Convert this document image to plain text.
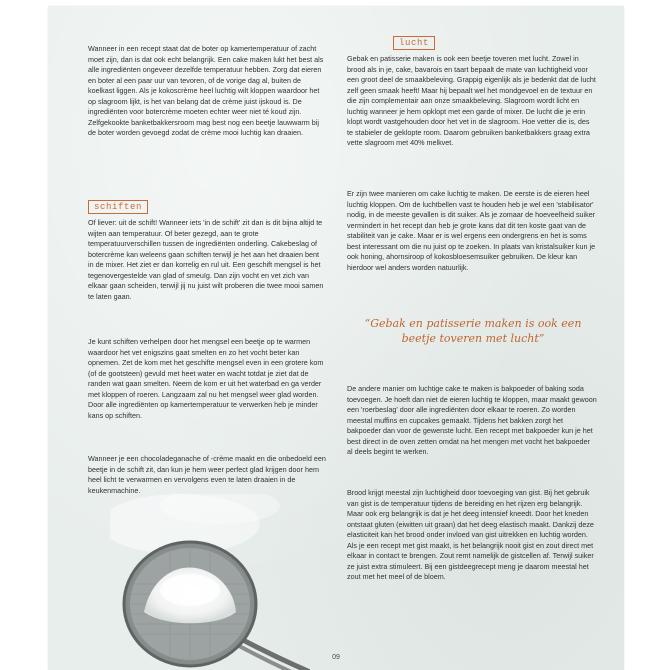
Wanneer in een recept staat dat de boter op kamertemperatuur of zacht moet zijn, dan is dat ook echt belangrijk. Een cake maken lukt het best als alle ingrediënten ongeveer dezelfde temperatuur hebben. Zorg dat eieren en boter al een paar uur van tevoren, of de vorige dag al, buiten de koelkast liggen. Als je kokoscrème heel luchtig wilt kloppen waardoor het op slagroom lijkt, is het van belang dat de crème juist ijskoud is. De ingrediënten voor botercrème moeten echter weer niet té koud zijn. Zelfgekookte banketbakkersroom mag best nog een beetje lauwwarm bij de boter worden gevoegd zodat de crème mooi luchtig kan draaien.

schiften

Of liever: uit de schift! Wanneer iets 'in de schift' zit dan is dit bijna altijd te wijten aan temperatuur. Of beter gezegd, aan te grote temperatuurverschillen tussen de ingrediënten onderling. Cakebeslag of botercrème kan weleens gaan schiften terwijl je het aan het draaien bent in de mixer. Het ziet er dan korrelig en rul uit. Een geschift mengsel is het tegenovergestelde van glad of smeuïg. Dan zijn vocht en vet zich van elkaar gaan scheiden, terwijl jij nu juist wilt proberen die twee mooi samen te laten gaan.

Je kunt schiften verhelpen door het mengsel een beetje op te warmen waardoor het vet enigszins gaat smelten en zo het vocht beter kan opnemen. Zet de kom met het geschifte mengsel even in een grotere kom (of de gootsteen) gevuld met heet water en wacht totdat je ziet dat de randen wat gaan smelten. Neem de kom er uit het waterbad en ga verder met kloppen of roeren. Langzaam zal nu het mengsel weer glad worden. Door alle ingrediënten op kamertemperatuur te verwerken heb je minder kans op schiften.

Wanneer je een chocoladeganache of -crème maakt en die onbedoeld een beetje in de schift zit, dan kun je hem weer perfect glad krijgen door hem heel licht te verwarmen en vervolgens even te laten draaien in de keukenmachine.

lucht

Gebak en patisserie maken is ook een beetje toveren met lucht. Zowel in brood als in je, cake, bavarois en taart bepaalt de mate van luchtigheid voor een groot deel de smaakbeleving. Grappig eigenlijk als je bedenkt dat de lucht zelf geen smaak heeft! Maar hij bepaalt wel het mondgevoel en de textuur en die zijn complementair aan onze smaakbeleving. Slagroom wordt licht en luchtig wanneer je hem opklopt met een garde of mixer. De lucht die je erin klopt wordt vastgehouden door het vet in de slagroom. Hoe vetter die is, des te stabieler de geklopte room. Daarom gebruiken banketbakkers graag extra vette slagroom met 40% melkvet.

Er zijn twee manieren om cake luchtig te maken. De eerste is de eieren heel luchtig kloppen. Om de luchtbellen vast te houden heb je wel een 'stabilisator' nodig, in de meeste gevallen is dit suiker. Als je zomaar de hoeveelheid suiker vermindert in het recept dan heb je grote kans dat dit ten koste gaat van de stabiliteit van je cake. Maar er is wel ergens een ondergrens en het is soms best interessant om die nu juist op te zoeken. In plaats van kristalsuiker kun je ook honing, ahornsiroop of kokosbloesemsuiker gebruiken. De kleur kan hierdoor wel anders worden natuurlijk.

De andere manier om luchtige cake te maken is bakpoeder of baking soda toevoegen. Je hoeft dan niet de eieren luchtig te kloppen, maar maakt gewoon een 'roerbeslag' door alle ingrediënten door elkaar te roeren. Zo worden meestal muffins en cupcakes gemaakt. Tijdens het bakken zorgt het bakpoeder dan voor de gewenste lucht. Een recept met bakpoeder kun je het best direct in de oven zetten omdat na het mengen met vocht het bakpoeder al deels begint te werken.

Brood krijgt meestal zijn luchtigheid door toevoeging van gist. Bij het gebruik van gist is de temperatuur tijdens de bereiding en het rijzen erg belangrijk. Maar ook erg belangrijk is dat je het deeg intensief kneedt. Door het kneden ontstaat gluten (eiwitten uit graan) dat het deeg elastisch maakt. Dankzij deze elasticiteit kan het brood onder invloed van gist uitrekken en luchtig worden. Als je een recept met gist maakt, is het belangrijk nooit gist en zout direct met elkaar in contact te brengen. Zout remt namelijk de gistcellen af. Terwijl suiker ze juist extra stimuleert. Bij een gistdeegrecept meng je daarom meestal het zout met het meel of de bloem.

“Gebak en patisserie maken is ook een beetje toveren met lucht”
09
